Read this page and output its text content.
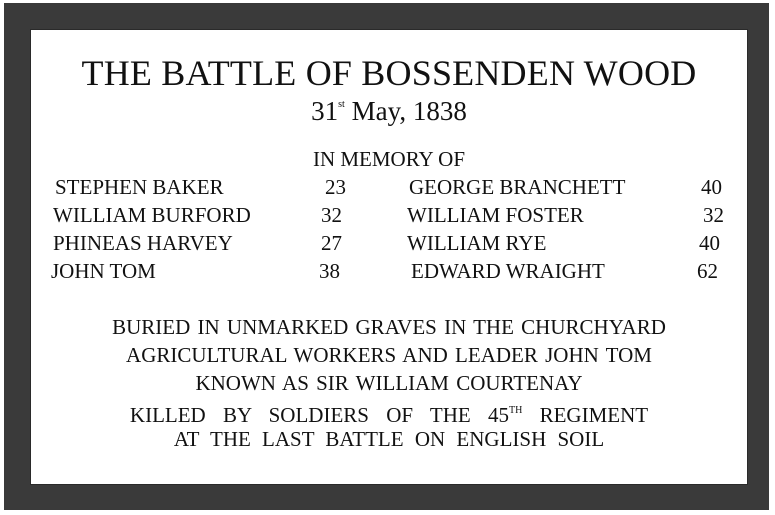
THE BATTLE OF BOSSENDEN WOOD
31st May, 1838
IN MEMORY OF
STEPHEN BAKER	23	GEORGE BRANCHETT	40
WILLIAM BURFORD	32	WILLIAM FOSTER	32
PHINEAS HARVEY	27	WILLIAM RYE	40
JOHN TOM	38	EDWARD WRAIGHT	62
BURIED IN UNMARKED GRAVES IN THE CHURCHYARD
AGRICULTURAL WORKERS AND LEADER JOHN TOM
KNOWN AS SIR WILLIAM COURTENAY
KILLED BY SOLDIERS OF THE 45TH REGIMENT
AT THE LAST BATTLE ON ENGLISH SOIL
